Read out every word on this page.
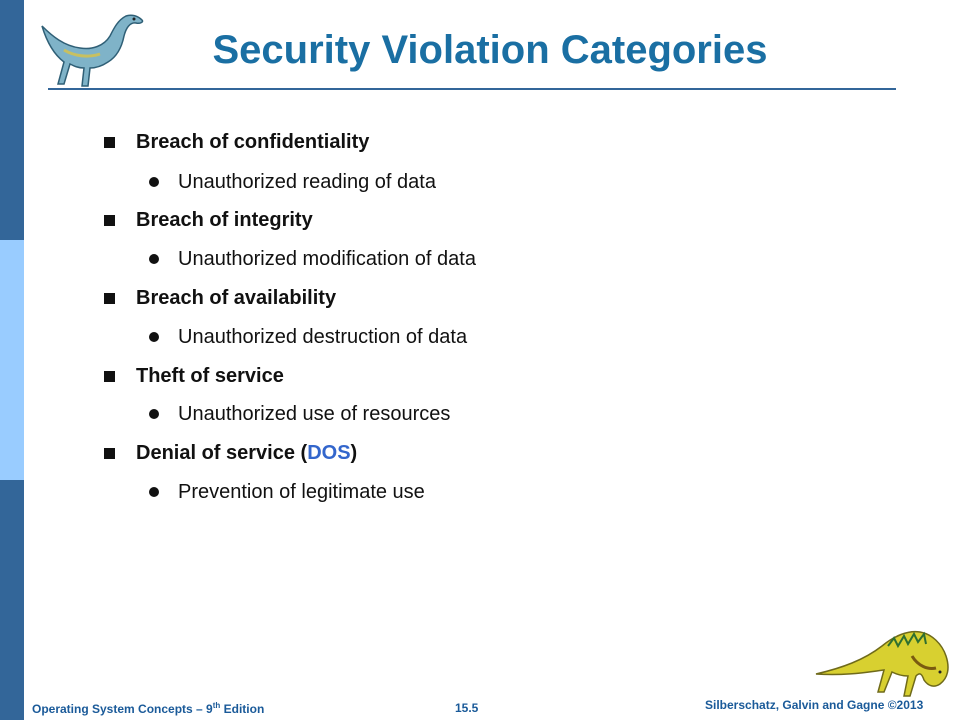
Security Violation Categories
Breach of confidentiality
Unauthorized reading of data
Breach of integrity
Unauthorized modification of data
Breach of availability
Unauthorized destruction of data
Theft of service
Unauthorized use of resources
Denial of service (DOS)
Prevention of legitimate use
Operating System Concepts – 9th Edition	15.5	Silberschatz, Galvin and Gagne ©2013
